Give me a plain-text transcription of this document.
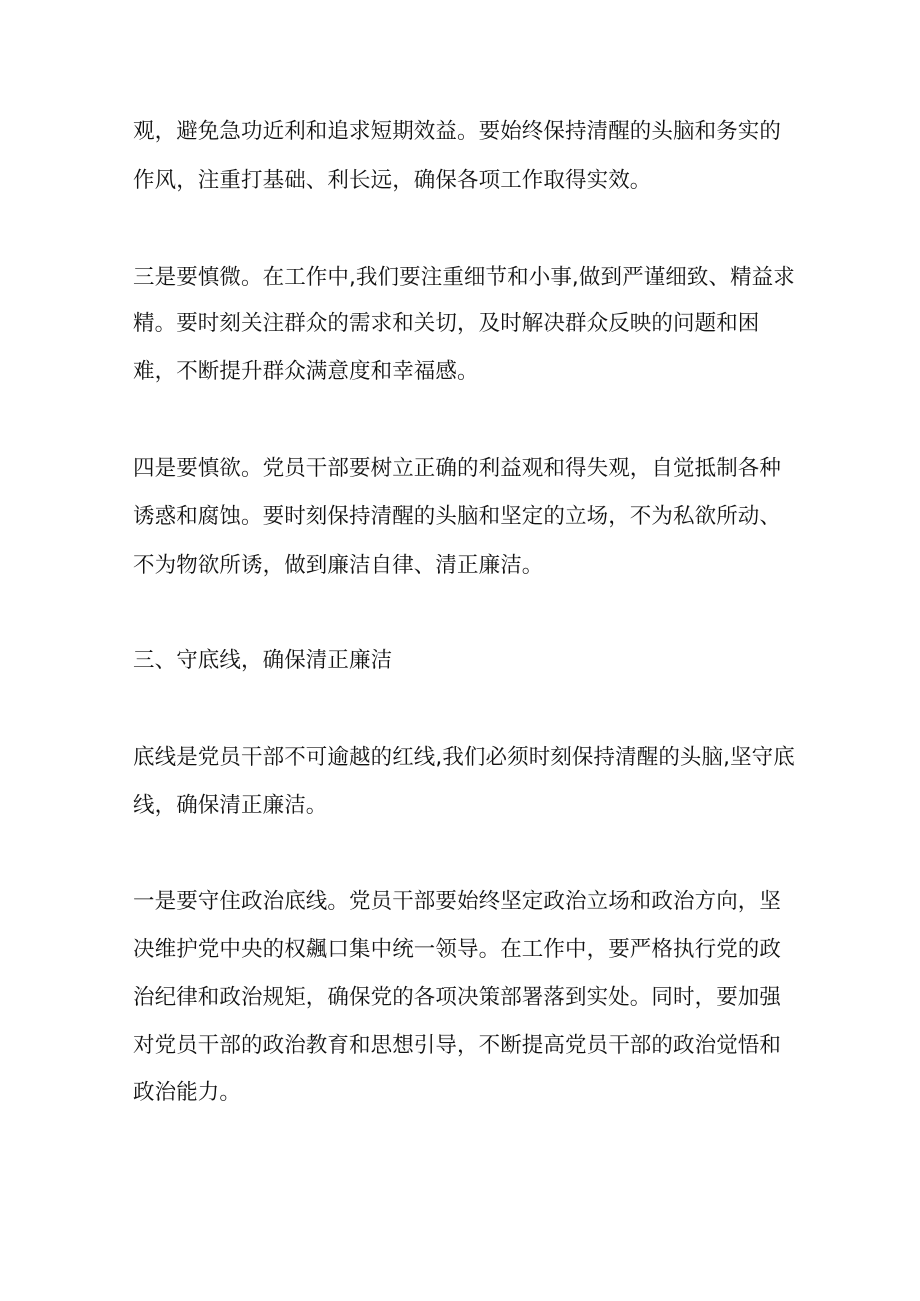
观，避免急功近利和追求短期效益。要始终保持清醒的头脑和务实的
作风，注重打基础、利长远，确保各项工作取得实效。
三是要慎微。在工作中,我们要注重细节和小事,做到严谨细致、精益求
精。要时刻关注群众的需求和关切，及时解决群众反映的问题和困
难，不断提升群众满意度和幸福感。
四是要慎欲。党员干部要树立正确的利益观和得失观，自觉抵制各种
诱惑和腐蚀。要时刻保持清醒的头脑和坚定的立场，不为私欲所动、
不为物欲所诱，做到廉洁自律、清正廉洁。
三、守底线，确保清正廉洁
底线是党员干部不可逾越的红线,我们必须时刻保持清醒的头脑,坚守底
线，确保清正廉洁。
一是要守住政治底线。党员干部要始终坚定政治立场和政治方向，坚
决维护党中央的权飆口集中统一领导。在工作中，要严格执行党的政
治纪律和政治规矩，确保党的各项决策部署落到实处。同时，要加强
对党员干部的政治教育和思想引导，不断提高党员干部的政治觉悟和
政治能力。
